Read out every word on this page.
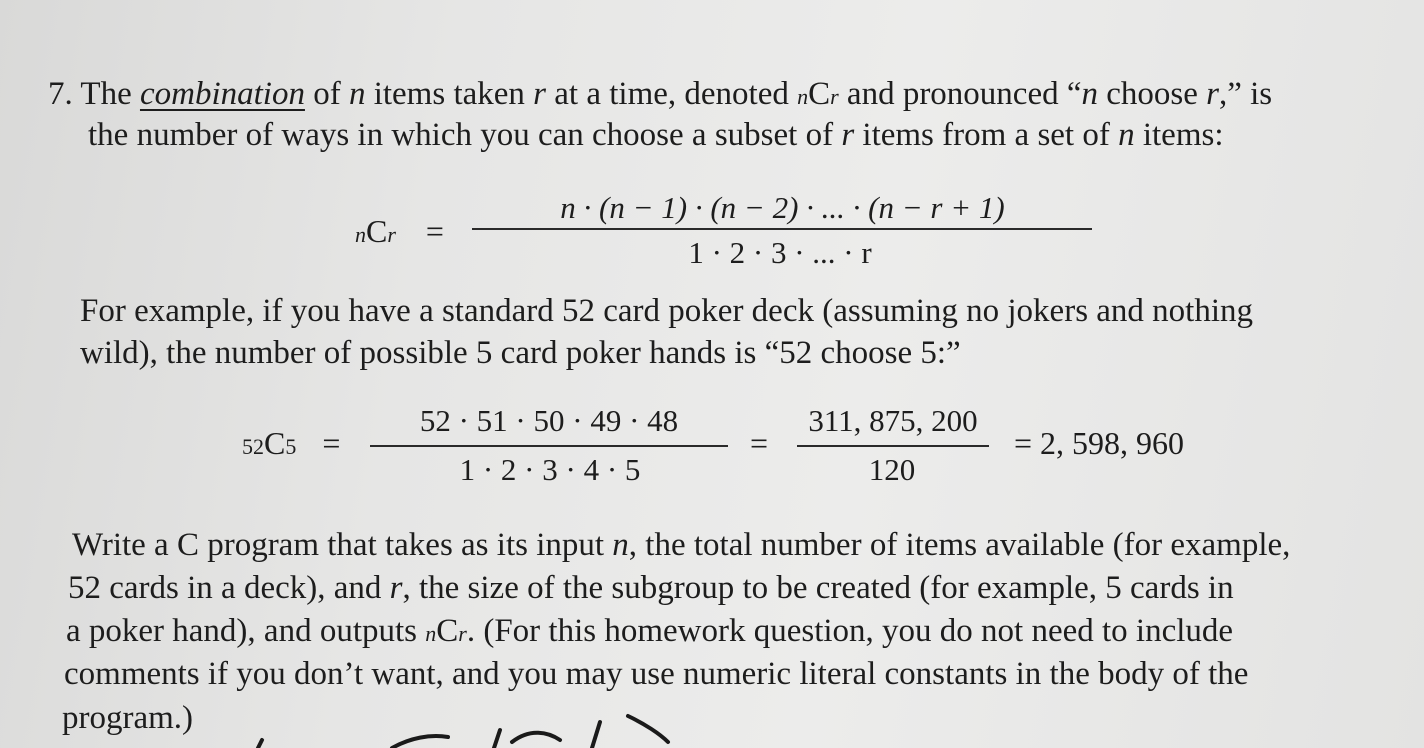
7. The combination of n items taken r at a time, denoted nCr and pronounced “n choose r,” is
the number of ways in which you can choose a subset of r items from a set of n items:
nCr =
n · (n − 1) · (n − 2) · ... · (n − r + 1)
1 · 2 · 3 · ... · r
For example, if you have a standard 52 card poker deck (assuming no jokers and nothing
wild), the number of possible 5 card poker hands is “52 choose 5:”
52C5 =
52 · 51 · 50 · 49 · 48
1 · 2 · 3 · 4 · 5
=
311, 875, 200
120
= 2, 598, 960
Write a C program that takes as its input n, the total number of items available (for example,
52 cards in a deck), and r, the size of the subgroup to be created (for example, 5 cards in
a poker hand), and outputs nCr. (For this homework question, you do not need to include
comments if you don’t want, and you may use numeric literal constants in the body of the
program.)
